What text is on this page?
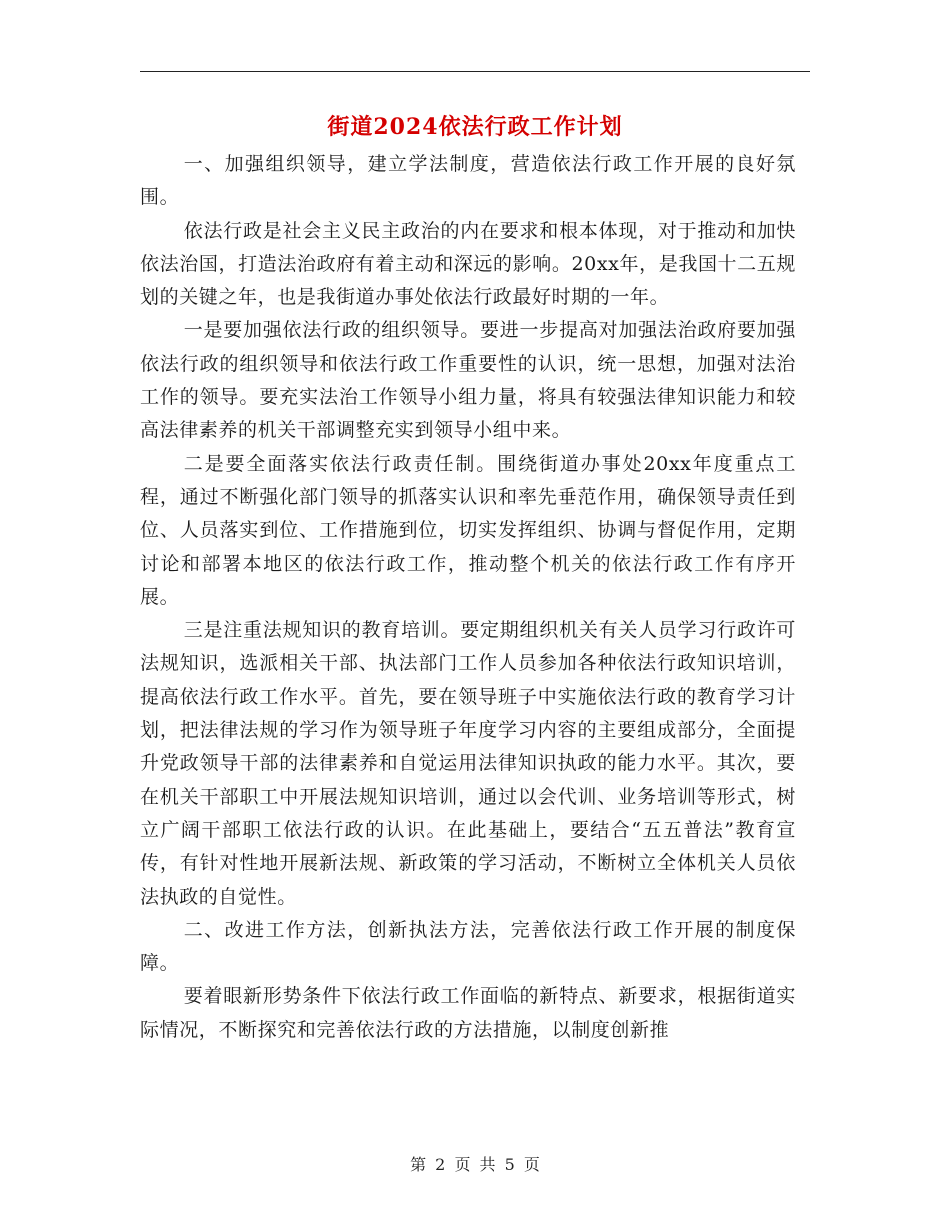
街道2024依法行政工作计划

一、加强组织领导，建立学法制度，营造依法行政工作开展的良好氛围。

依法行政是社会主义民主政治的内在要求和根本体现，对于推动和加快依法治国，打造法治政府有着主动和深远的影响。20xx年，是我国十二五规划的关键之年，也是我街道办事处依法行政最好时期的一年。

一是要加强依法行政的组织领导。要进一步提高对加强法治政府要加强依法行政的组织领导和依法行政工作重要性的认识，统一思想，加强对法治工作的领导。要充实法治工作领导小组力量，将具有较强法律知识能力和较高法律素养的机关干部调整充实到领导小组中来。

二是要全面落实依法行政责任制。围绕街道办事处20xx年度重点工程，通过不断强化部门领导的抓落实认识和率先垂范作用，确保领导责任到位、人员落实到位、工作措施到位，切实发挥组织、协调与督促作用，定期讨论和部署本地区的依法行政工作，推动整个机关的依法行政工作有序开展。

三是注重法规知识的教育培训。要定期组织机关有关人员学习行政许可法规知识，选派相关干部、执法部门工作人员参加各种依法行政知识培训，提高依法行政工作水平。首先，要在领导班子中实施依法行政的教育学习计划，把法律法规的学习作为领导班子年度学习内容的主要组成部分，全面提升党政领导干部的法律素养和自觉运用法律知识执政的能力水平。其次，要在机关干部职工中开展法规知识培训，通过以会代训、业务培训等形式，树立广阔干部职工依法行政的认识。在此基础上，要结合“五五普法”教育宣传，有针对性地开展新法规、新政策的学习活动，不断树立全体机关人员依法执政的自觉性。

二、改进工作方法，创新执法方法，完善依法行政工作开展的制度保障。

要着眼新形势条件下依法行政工作面临的新特点、新要求，根据街道实际情况，不断探究和完善依法行政的方法措施，以制度创新推

第 2 页 共 5 页
